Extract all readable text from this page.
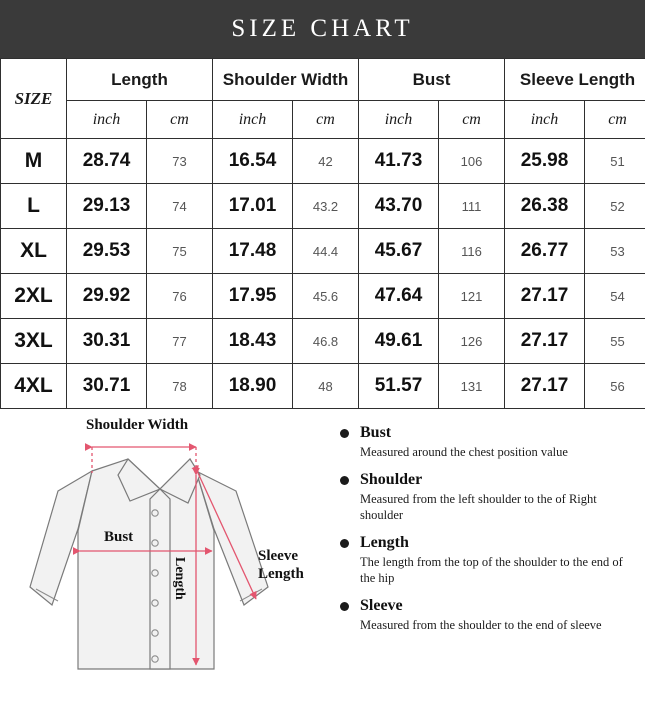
SIZE CHART
SIZE	Length		Shoulder Width		Bust		Sleeve Length	
	inch	cm	inch	cm	inch	cm	inch	cm
M	28.74	73	16.54	42	41.73	106	25.98	51
L	29.13	74	17.01	43.2	43.70	111	26.38	52
XL	29.53	75	17.48	44.4	45.67	116	26.77	53
2XL	29.92	76	17.95	45.6	47.64	121	27.17	54
3XL	30.31	77	18.43	46.8	49.61	126	27.17	55
4XL	30.71	78	18.90	48	51.57	131	27.17	56
Shoulder Width
Bust
Length
Sleeve
Length
Bust
Measured around the chest position value
Shoulder
Measured from the left shoulder to the of Right shoulder
Length
The length from the top of the shoulder to the end of the hip
Sleeve
Measured from the shoulder to the end of sleeve
